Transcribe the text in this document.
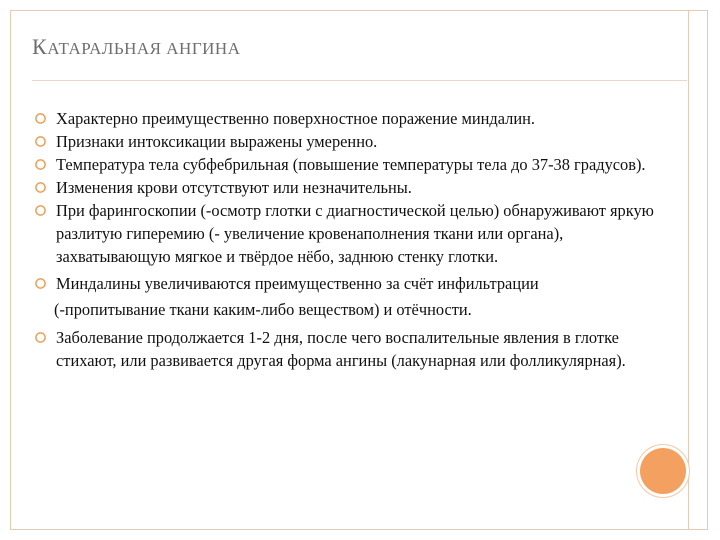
КАТАРАЛЬНАЯ АНГИНА
Характерно преимущественно поверхностное поражение миндалин.
Признаки интоксикации выражены умеренно.
Температура тела субфебрильная (повышение температуры тела до 37-38 градусов).
Изменения крови отсутствуют или незначительны.
При фарингоскопии (-осмотр глотки с диагностической целью) обнаруживают яркую разлитую гиперемию (- увеличение кровенаполнения ткани или органа), захватывающую мягкое и твёрдое нёбо, заднюю стенку глотки.
Миндалины увеличиваются преимущественно за счёт инфильтрации
(-пропитывание ткани каким-либо веществом) и отёчности.
Заболевание продолжается 1-2 дня, после чего воспалительные явления в глотке стихают, или развивается другая форма ангины (лакунарная или фолликулярная).
